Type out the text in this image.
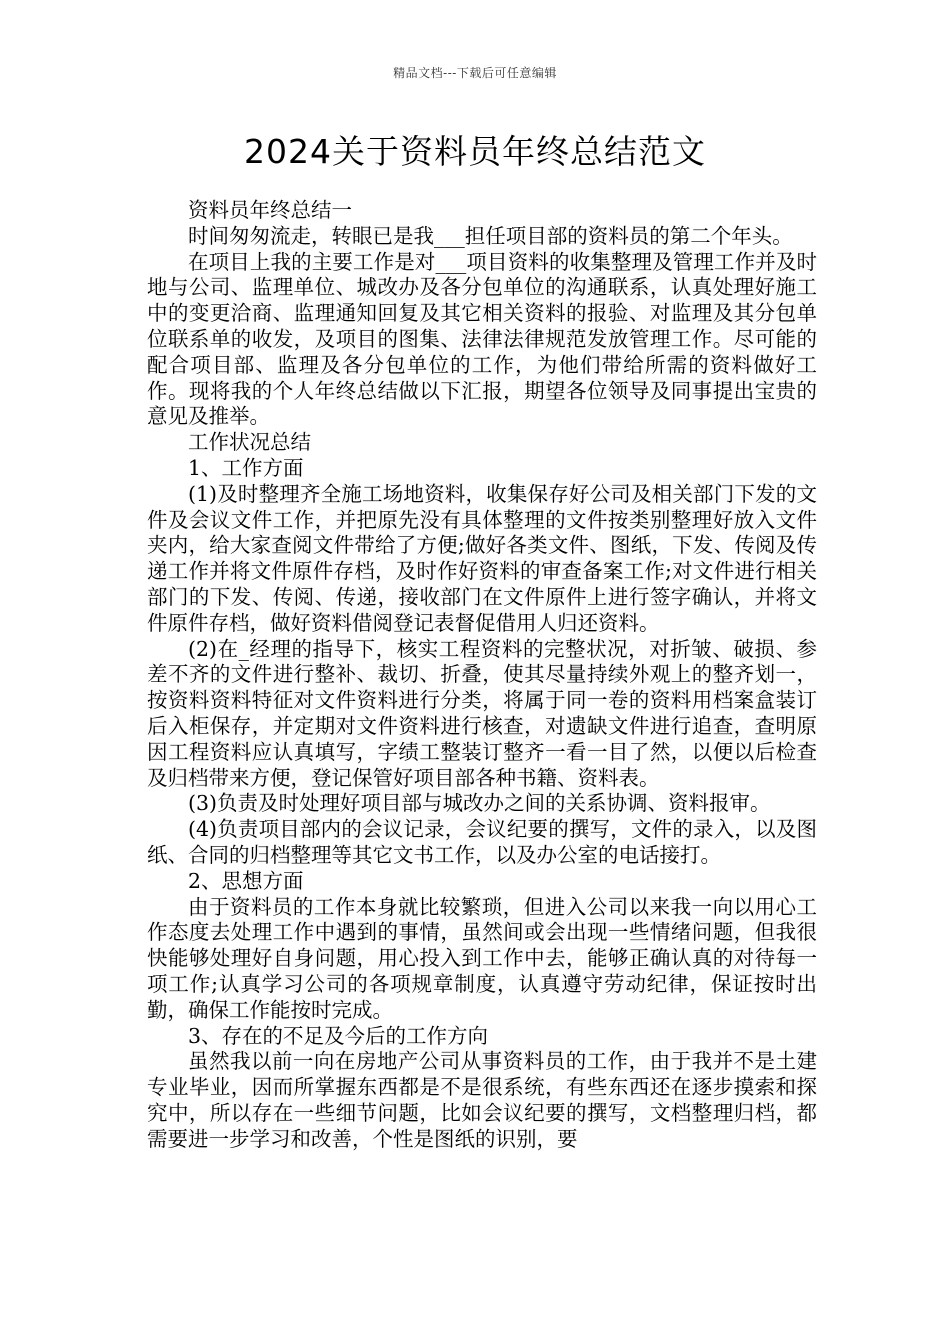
精品文档---下载后可任意编辑
2024关于资料员年终总结范文

资料员年终总结一

时间匆匆流走，转眼已是我___担任项目部的资料员的第二个年头。

在项目上我的主要工作是对___项目资料的收集整理及管理工作并及时地与公司、监理单位、城改办及各分包单位的沟通联系，认真处理好施工中的变更洽商、监理通知回复及其它相关资料的报验、对监理及其分包单位联系单的收发，及项目的图集、法律法律规范发放管理工作。尽可能的配合项目部、监理及各分包单位的工作，为他们带给所需的资料做好工作。现将我的个人年终总结做以下汇报，期望各位领导及同事提出宝贵的意见及推举。

工作状况总结

1、工作方面

(1)及时整理齐全施工场地资料，收集保存好公司及相关部门下发的文件及会议文件工作，并把原先没有具体整理的文件按类别整理好放入文件夹内，给大家查阅文件带给了方便;做好各类文件、图纸，下发、传阅及传递工作并将文件原件存档，及时作好资料的审查备案工作;对文件进行相关部门的下发、传阅、传递，接收部门在文件原件上进行签字确认，并将文件原件存档，做好资料借阅登记表督促借用人归还资料。

(2)在_经理的指导下，核实工程资料的完整状况，对折皱、破损、参差不齐的文件进行整补、裁切、折叠，使其尽量持续外观上的整齐划一，按资料资料特征对文件资料进行分类，将属于同一卷的资料用档案盒装订后入柜保存，并定期对文件资料进行核查，对遗缺文件进行追查，查明原因工程资料应认真填写，字绩工整装订整齐一看一目了然，以便以后检查及归档带来方便，登记保管好项目部各种书籍、资料表。

(3)负责及时处理好项目部与城改办之间的关系协调、资料报审。

(4)负责项目部内的会议记录，会议纪要的撰写，文件的录入，以及图纸、合同的归档整理等其它文书工作，以及办公室的电话接打。

2、思想方面

由于资料员的工作本身就比较繁琐，但进入公司以来我一向以用心工作态度去处理工作中遇到的事情，虽然间或会出现一些情绪问题，但我很快能够处理好自身问题，用心投入到工作中去，能够正确认真的对待每一项工作;认真学习公司的各项规章制度，认真遵守劳动纪律，保证按时出勤，确保工作能按时完成。

3、存在的不足及今后的工作方向

虽然我以前一向在房地产公司从事资料员的工作，由于我并不是土建专业毕业，因而所掌握东西都是不是很系统，有些东西还在逐步摸索和探究中，所以存在一些细节问题，比如会议纪要的撰写，文档整理归档，都需要进一步学习和改善，个性是图纸的识别，要
